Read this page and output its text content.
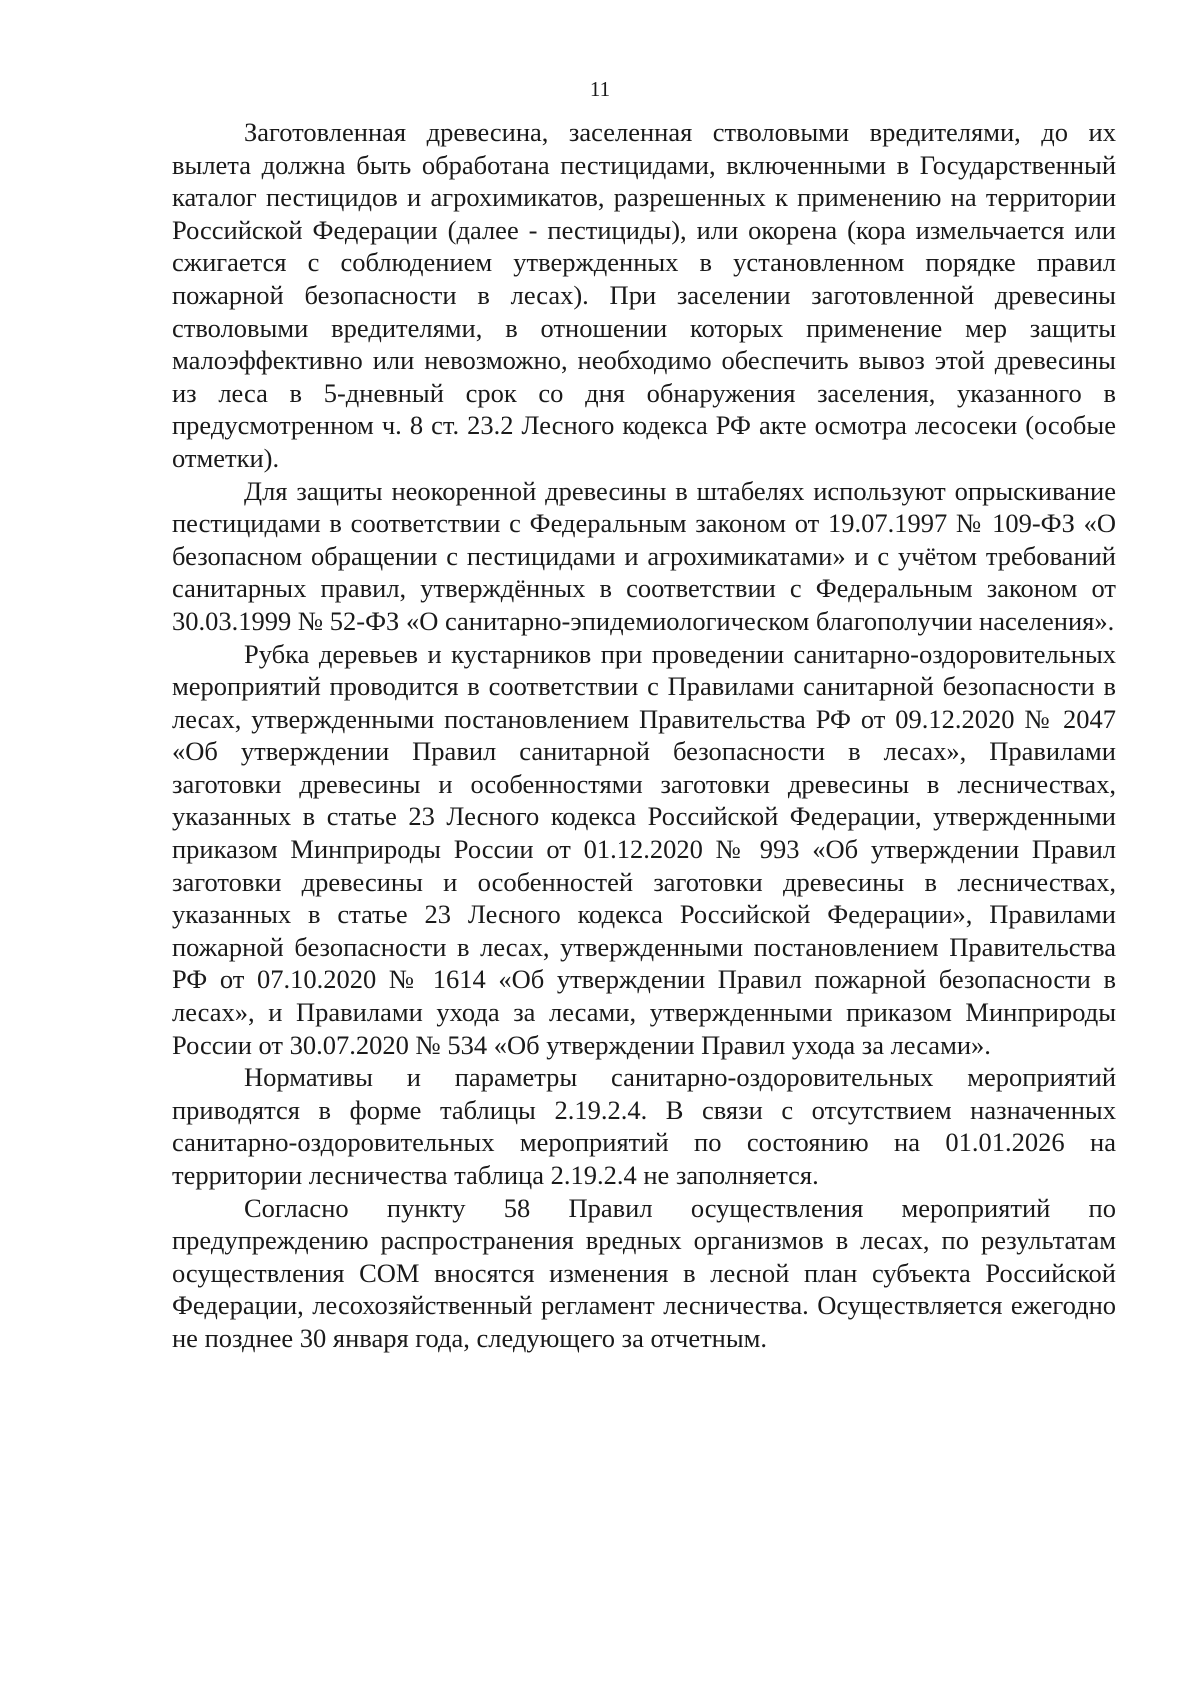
11

Заготовленная древесина, заселенная стволовыми вредителями, до их вылета должна быть обработана пестицидами, включенными в Государственный каталог пестицидов и агрохимикатов, разрешенных к применению на территории Российской Федерации (далее - пестициды), или окорена (кора измельчается или сжигается с соблюдением утвержденных в установленном порядке правил пожарной безопасности в лесах). При заселении заготовленной древесины стволовыми вредителями, в отношении которых применение мер защиты малоэффективно или невозможно, необходимо обеспечить вывоз этой древесины из леса в 5-дневный срок со дня обнаружения заселения, указанного в предусмотренном ч. 8 ст. 23.2 Лесного кодекса РФ акте осмотра лесосеки (особые отметки).

Для защиты неокоренной древесины в штабелях используют опрыскивание пестицидами в соответствии с Федеральным законом от 19.07.1997 № 109-ФЗ «О безопасном обращении с пестицидами и агрохимикатами» и с учётом требований санитарных правил, утверждённых в соответствии с Федеральным законом от 30.03.1999 № 52-ФЗ «О санитарно-эпидемиологическом благополучии населения».

Рубка деревьев и кустарников при проведении санитарно-оздоровительных мероприятий проводится в соответствии с Правилами санитарной безопасности в лесах, утвержденными постановлением Правительства РФ от 09.12.2020 № 2047 «Об утверждении Правил санитарной безопасности в лесах», Правилами заготовки древесины и особенностями заготовки древесины в лесничествах, указанных в статье 23 Лесного кодекса Российской Федерации, утвержденными приказом Минприроды России от 01.12.2020 № 993 «Об утверждении Правил заготовки древесины и особенностей заготовки древесины в лесничествах, указанных в статье 23 Лесного кодекса Российской Федерации», Правилами пожарной безопасности в лесах, утвержденными постановлением Правительства РФ от 07.10.2020 № 1614 «Об утверждении Правил пожарной безопасности в лесах», и Правилами ухода за лесами, утвержденными приказом Минприроды России от 30.07.2020 № 534 «Об утверждении Правил ухода за лесами».

Нормативы и параметры санитарно-оздоровительных мероприятий приводятся в форме таблицы 2.19.2.4. В связи с отсутствием назначенных санитарно-оздоровительных мероприятий по состоянию на 01.01.2026 на территории лесничества таблица 2.19.2.4 не заполняется.

Согласно пункту 58 Правил осуществления мероприятий по предупреждению распространения вредных организмов в лесах, по результатам осуществления СОМ вносятся изменения в лесной план субъекта Российской Федерации, лесохозяйственный регламент лесничества. Осуществляется ежегодно не позднее 30 января года, следующего за отчетным.
